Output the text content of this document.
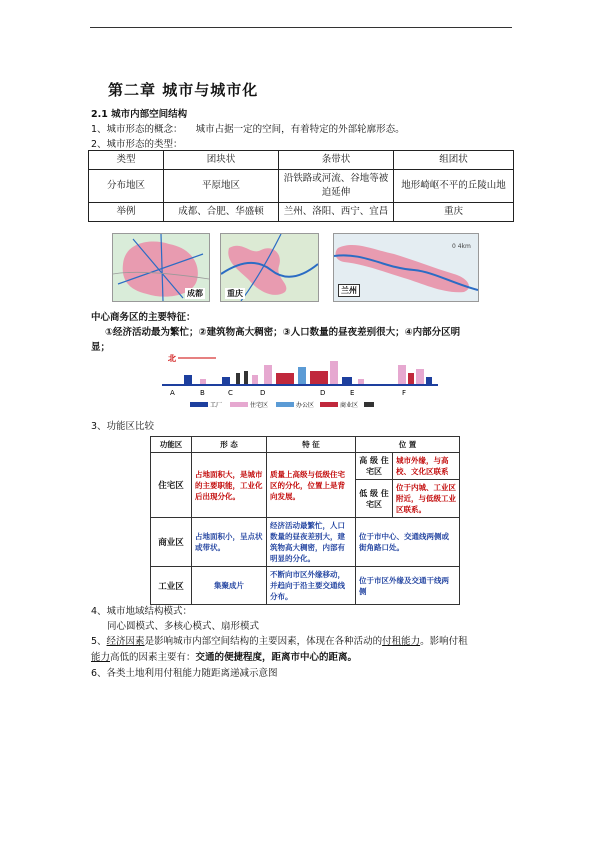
第二章 城市与城市化
2.1 城市内部空间结构
1、城市形态的概念： 城市占据一定的空间，有着特定的外部轮廓形态。
2、城市形态的类型：
类型	团块状	条带状	组团状
分布地区	平原地区	沿铁路或河流、谷地等被迫延伸	地形崎岖不平的丘陵山地
举例	成都、合肥、华盛顿	兰州、洛阳、西宁、宜昌	重庆
成都	重庆
0 4km
兰州
中心商务区的主要特征：
①经济活动最为繁忙；②建筑物高大稠密；③人口数量的昼夜差别很大；④内部分区明
显；
北
A	B	C	D	D	E	F
工厂	住宅区	办公区	商业区
3、功能区比较
功能区	形 态	特 征	位 置	
住宅区	占地面积大，是城市的主要职能，工业化后出现分化。	质量上高级与低级住宅区的分化，位置上是背向发展。	高 级 住宅区	城市外缘，与高校、文化区联系
			低 级 住宅区	位于内城、工业区附近，与低级工业区联系。
商业区	占地面积小，呈点状或带状。	经济活动最繁忙，人口数量的昼夜差别大，建筑物高大稠密，内部有明显的分化。	位于市中心、交通线两侧或街角路口处。	
工业区	集聚成片	不断向市区外缘移动，并趋向于沿主要交通线分布。	位于市区外缘及交通干线两侧	
4、城市地域结构模式：
同心圆模式、多核心模式、扇形模式
5、经济因素是影响城市内部空间结构的主要因素，体现在各种活动的付租能力。影响付租
能力高低的因素主要有：交通的便捷程度，距离市中心的距离。
6、各类土地利用付租能力随距离递减示意图
